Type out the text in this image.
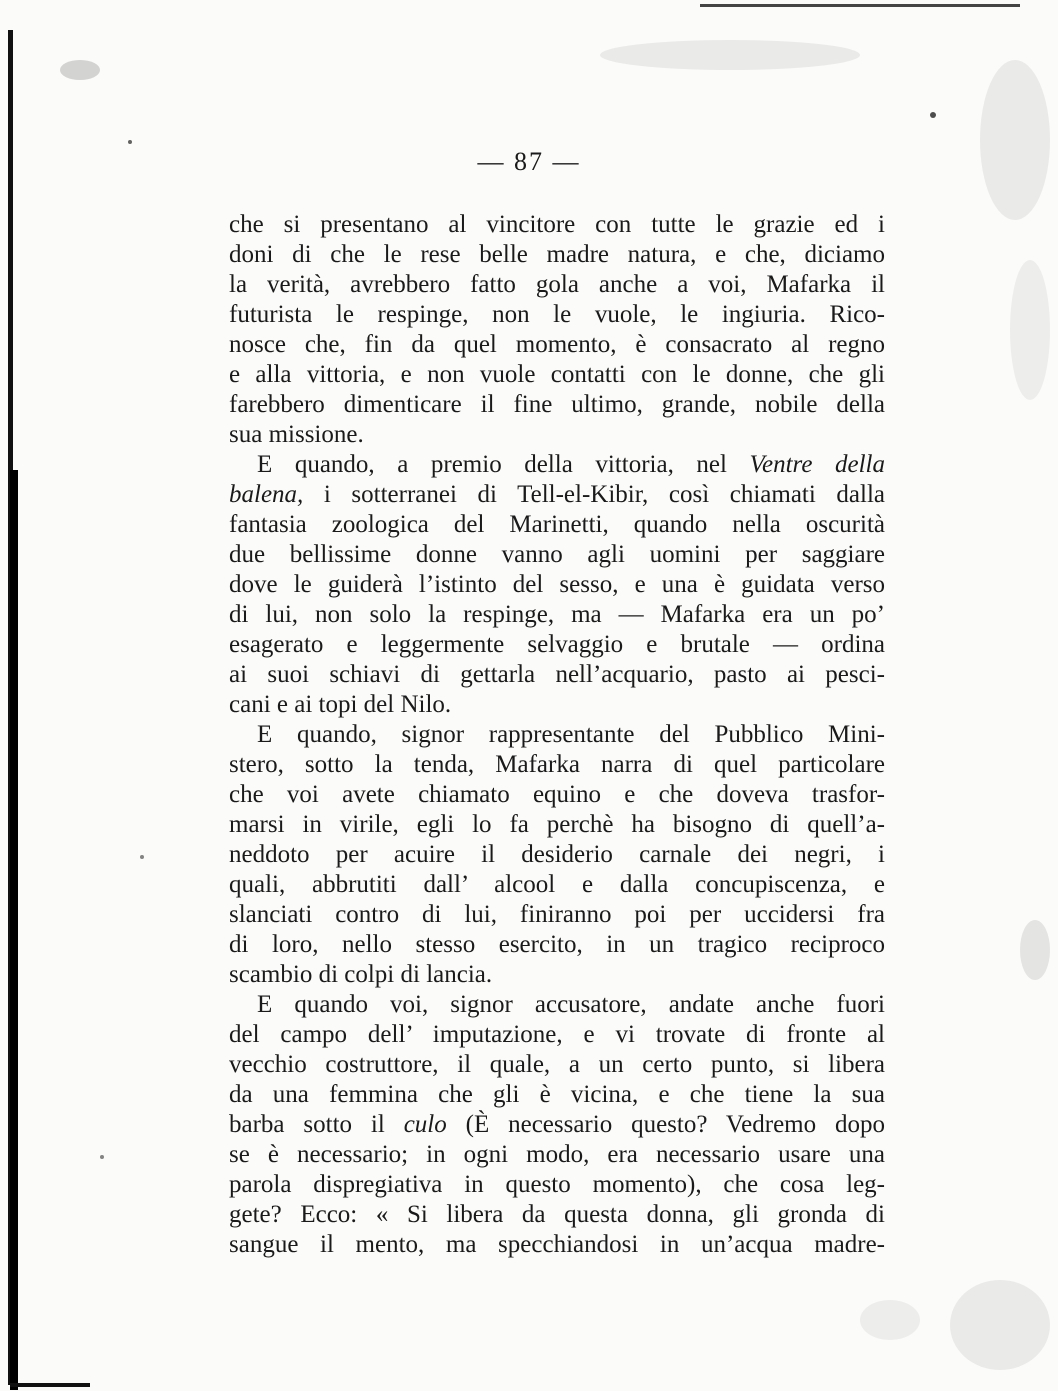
— 87 —
che si presentano al vincitore con tutte le grazie ed i
doni di che le rese belle madre natura, e che, diciamo
la verità, avrebbero fatto gola anche a voi, Mafarka il
futurista le respinge, non le vuole, le ingiuria. Rico-
nosce che, fin da quel momento, è consacrato al regno
e alla vittoria, e non vuole contatti con le donne, che gli
farebbero dimenticare il fine ultimo, grande, nobile della
sua missione.
E quando, a premio della vittoria, nel Ventre della
balena, i sotterranei di Tell-el-Kibir, così chiamati dalla
fantasia zoologica del Marinetti, quando nella oscurità
due bellissime donne vanno agli uomini per saggiare
dove le guiderà l’istinto del sesso, e una è guidata verso
di lui, non solo la respinge, ma — Mafarka era un po’
esagerato e leggermente selvaggio e brutale — ordina
ai suoi schiavi di gettarla nell’acquario, pasto ai pesci-
cani e ai topi del Nilo.
E quando, signor rappresentante del Pubblico Mini-
stero, sotto la tenda, Mafarka narra di quel particolare
che voi avete chiamato equino e che doveva trasfor-
marsi in virile, egli lo fa perchè ha bisogno di quell’a-
neddoto per acuire il desiderio carnale dei negri, i
quali, abbrutiti dall’ alcool e dalla concupiscenza, e
slanciati contro di lui, finiranno poi per uccidersi fra
di loro, nello stesso esercito, in un tragico reciproco
scambio di colpi di lancia.
E quando voi, signor accusatore, andate anche fuori
del campo dell’ imputazione, e vi trovate di fronte al
vecchio costruttore, il quale, a un certo punto, si libera
da una femmina che gli è vicina, e che tiene la sua
barba sotto il culo (È necessario questo? Vedremo dopo
se è necessario; in ogni modo, era necessario usare una
parola dispregiativa in questo momento), che cosa leg-
gete? Ecco: « Si libera da questa donna, gli gronda di
sangue il mento, ma specchiandosi in un’acqua madre-
